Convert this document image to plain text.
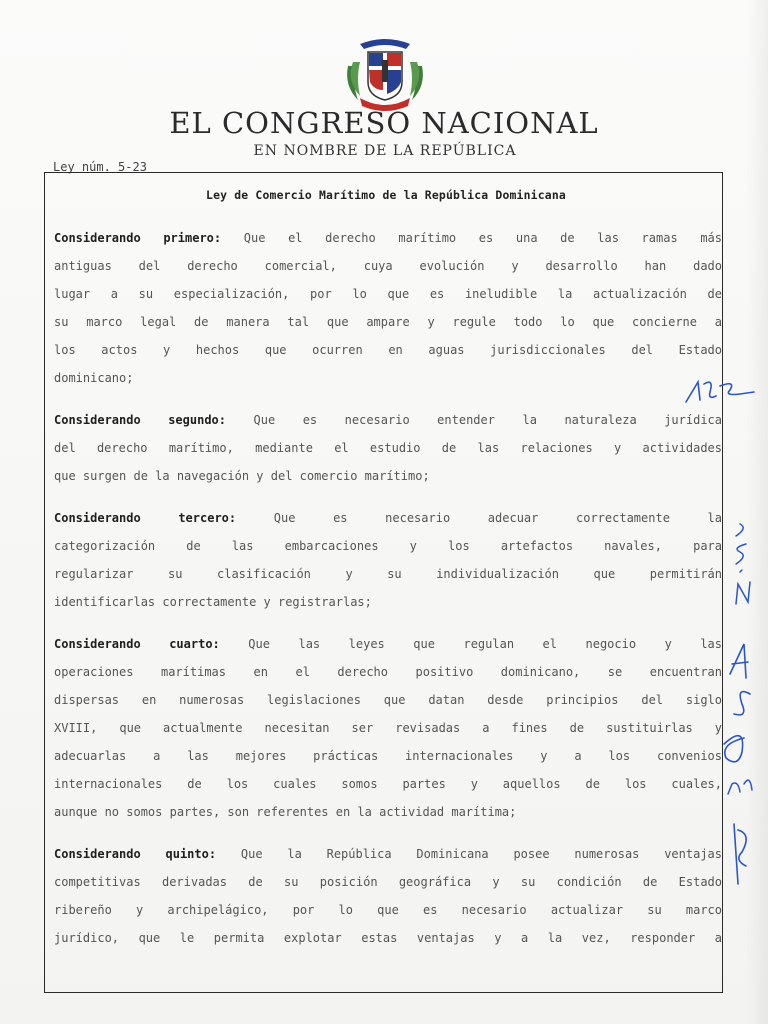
EL CONGRESO NACIONAL
EN NOMBRE DE LA REPÚBLICA
Ley núm. 5-23
Ley de Comercio Marítimo de la República Dominicana
Considerando primero: Que el derecho marítimo es una de las ramas más
antiguas del derecho comercial, cuya evolución y desarrollo han dado
lugar a su especialización, por lo que es ineludible la actualización de
su marco legal de manera tal que ampare y regule todo lo que concierne a
los actos y hechos que ocurren en aguas jurisdiccionales del Estado
dominicano;
Considerando segundo: Que es necesario entender la naturaleza jurídica
del derecho marítimo, mediante el estudio de las relaciones y actividades
que surgen de la navegación y del comercio marítimo;
Considerando tercero:	Que es necesario adecuar correctamente la
categorización de las embarcaciones y los artefactos navales, para
regularizar su clasificación y su individualización que permitirán
identificarlas correctamente y registrarlas;
Considerando cuarto: Que las leyes que regulan el negocio y las
operaciones marítimas en el derecho positivo dominicano, se encuentran
dispersas en numerosas legislaciones que datan desde principios del siglo
XVIII, que actualmente necesitan ser revisadas a fines de sustituirlas y
adecuarlas a las mejores prácticas internacionales y a los convenios
internacionales de los cuales somos partes y aquellos de los cuales,
aunque no somos partes, son referentes en la actividad marítima;
Considerando quinto: Que la República Dominicana posee numerosas ventajas
competitivas derivadas de su posición geográfica y su condición de Estado
ribereño y archipelágico, por lo que es necesario actualizar su marco
jurídico, que le permita explotar estas ventajas y a la vez, responder a
